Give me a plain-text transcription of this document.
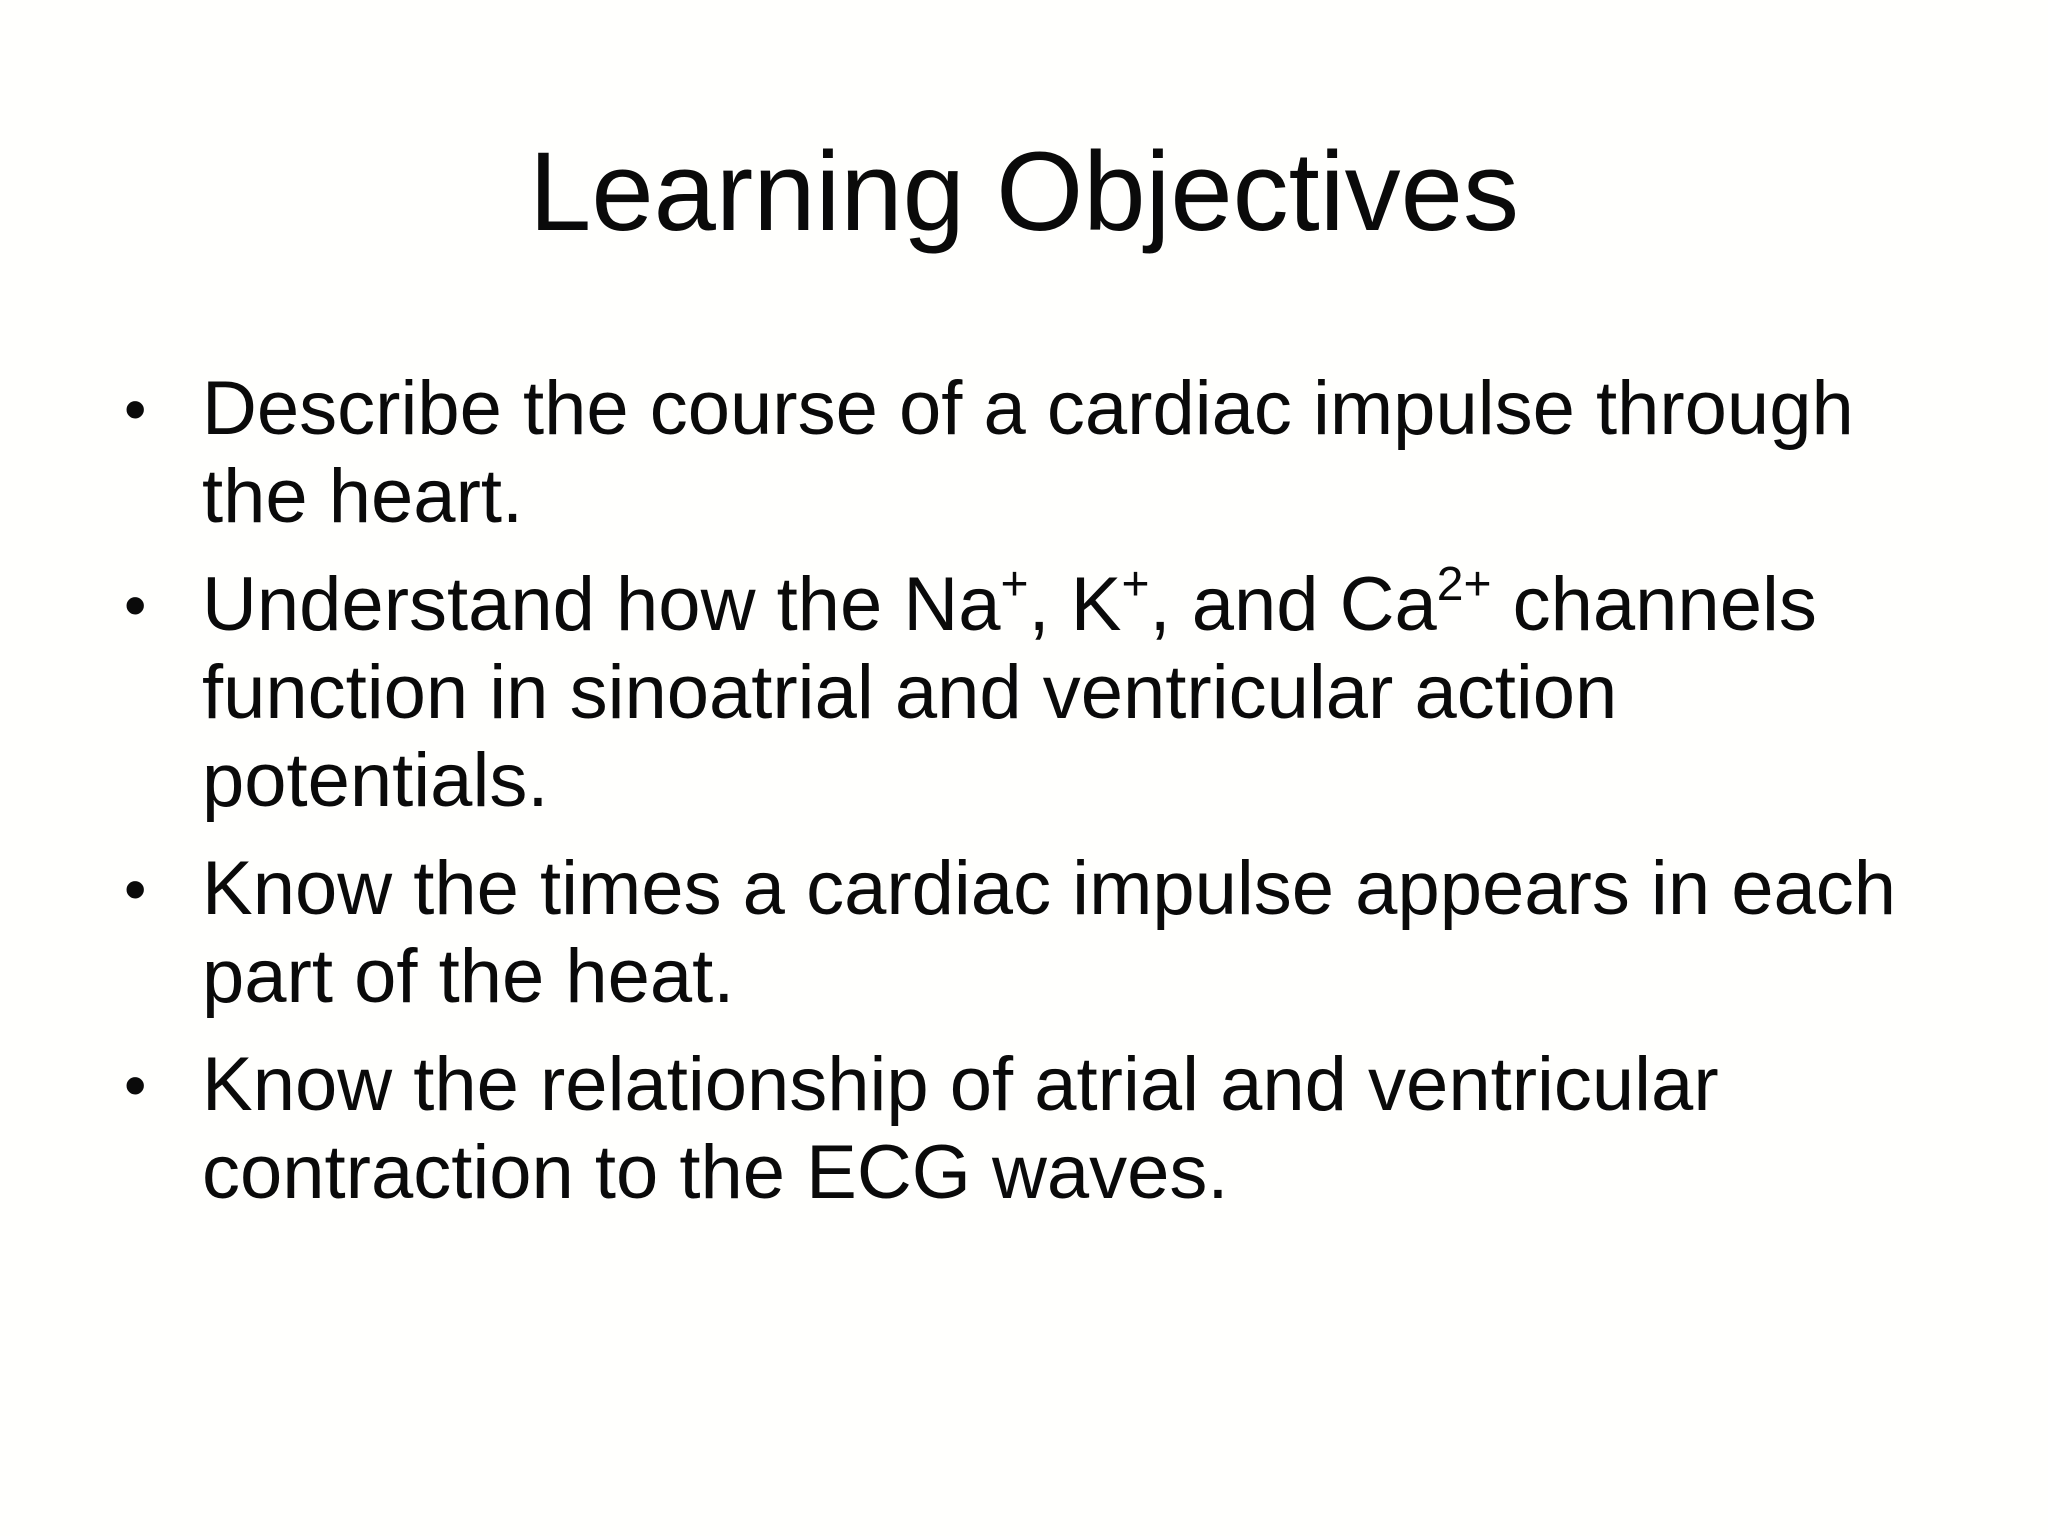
Learning Objectives
• Describe the course of a cardiac impulse through the heart.
• Understand how the Na+, K+, and $Ca^{2+}$ channels function in sinoatrial and ventricular action potentials.
• Know the times a cardiac impulse appears in each part of the heat.
• Know the relationship of atrial and ventricular contraction to the ECG waves.
